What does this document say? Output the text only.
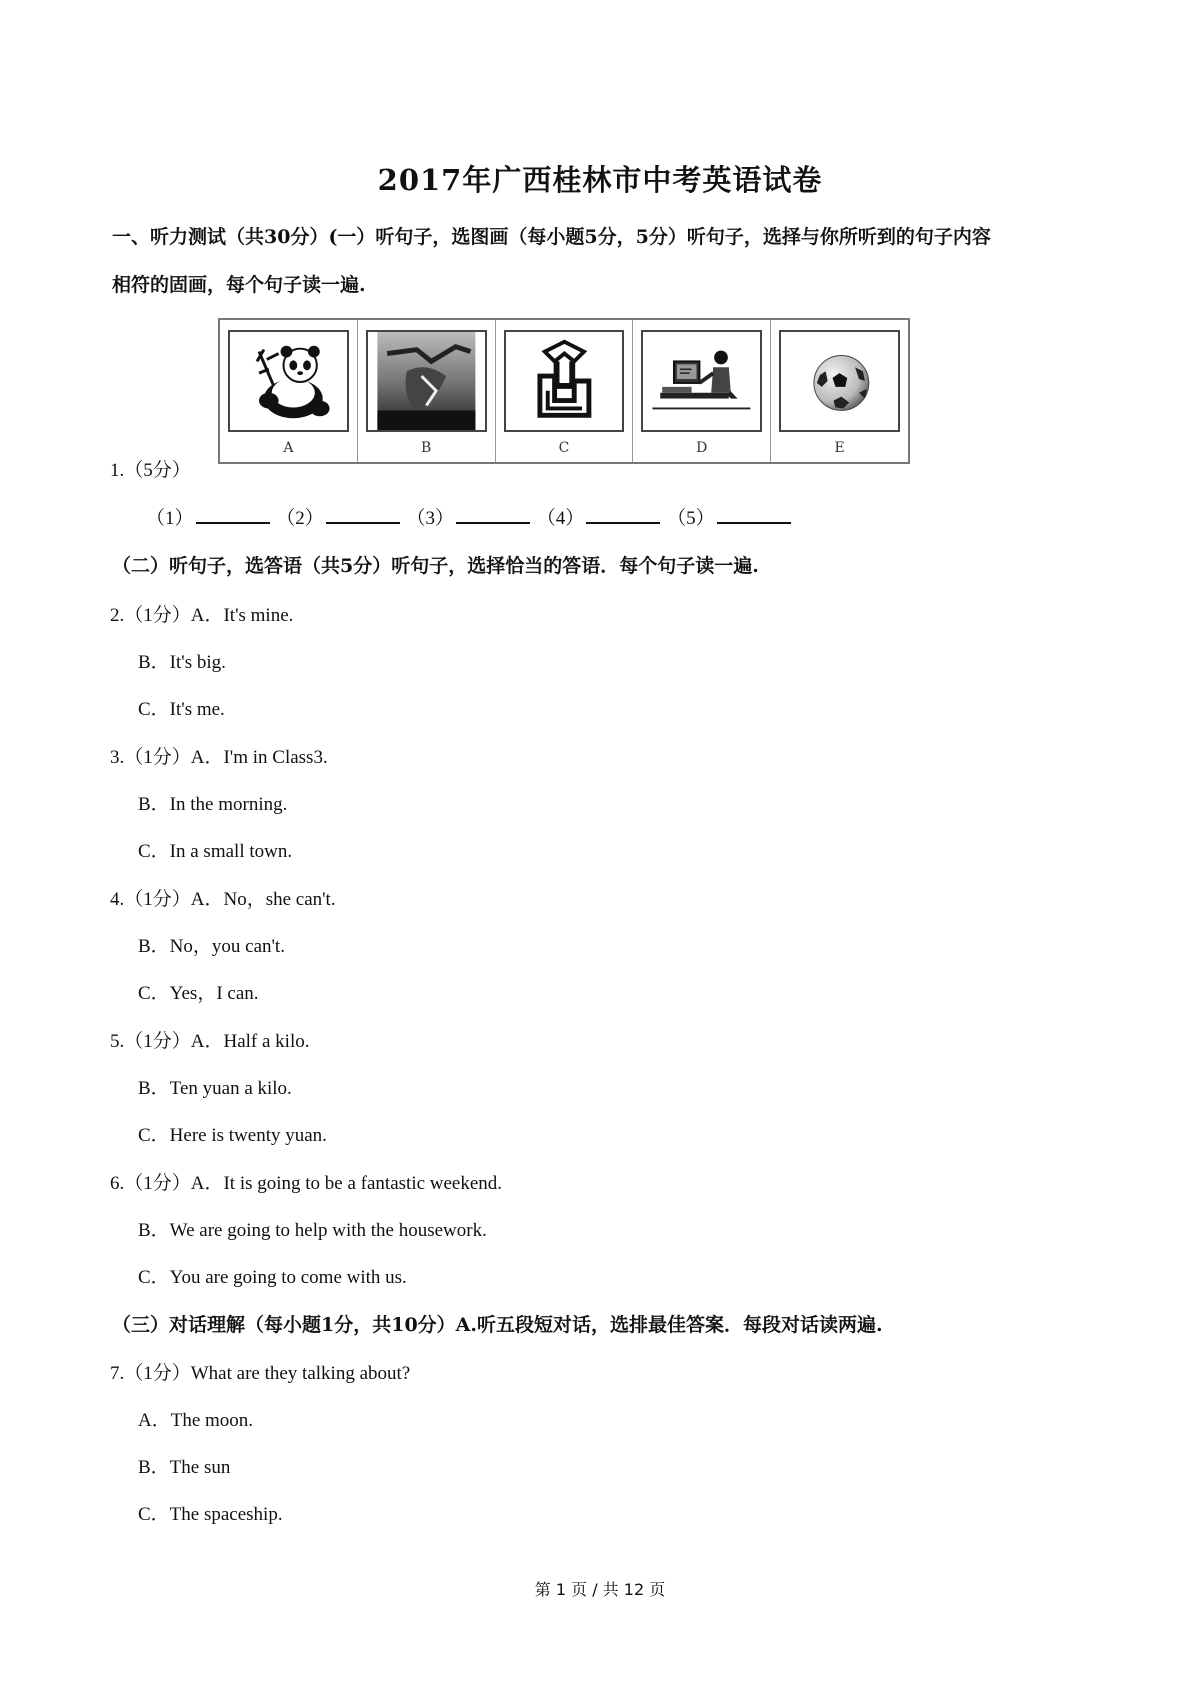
2017年广西桂林市中考英语试卷
一、听力测试（共30分）(一）听句子，选图画（每小题5分，5分）听句子，选择与你所听到的句子内容
相符的固画，每个句子读一遍.
1.（5分）
A	B	C	D	E
（1）	（2）	（3）	（4）	（5）
（二）听句子，选答语（共5分）听句子，选择恰当的答语．每个句子读一遍.
2.（1分）A．It's mine.
B．It's big.
C．It's me.
3.（1分）A．I'm in Class3.
B．In the morning.
C．In a small town.
4.（1分）A．No，she can't.
B．No，you can't.
C．Yes，I can.
5.（1分）A．Half a kilo.
B．Ten yuan a kilo.
C．Here is twenty yuan.
6.（1分）A．It is going to be a fantastic weekend.
B．We are going to help with the housework.
C．You are going to come with us.
（三）对话理解（每小题1分，共10分）A.听五段短对话，选排最佳答案．每段对话读两遍.
7.（1分）What are they talking about?
A．The moon.
B．The sun
C．The spaceship.
第 1 页 / 共 12 页
